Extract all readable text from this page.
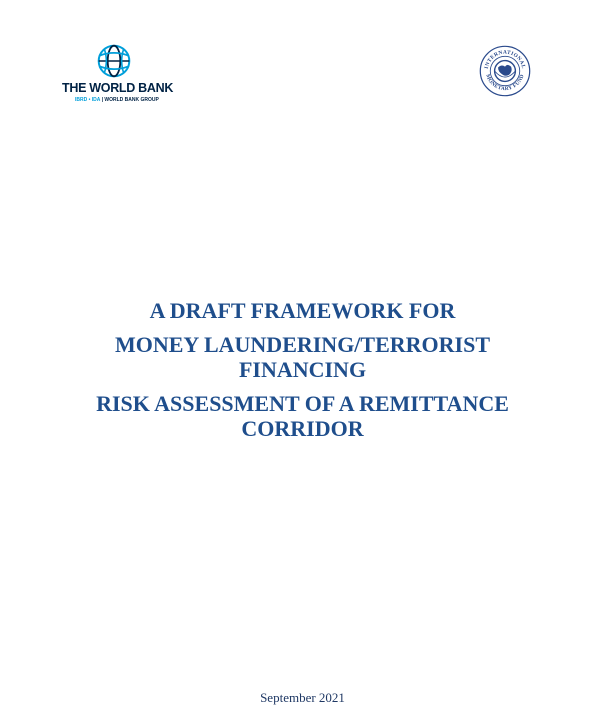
THE WORLD BANK
IBRD • IDA | WORLD BANK GROUP
INTERNATIONAL
MONETARY FUND
A DRAFT FRAMEWORK FOR
MONEY LAUNDERING/TERRORIST FINANCING
RISK ASSESSMENT OF A REMITTANCE CORRIDOR
September 2021
